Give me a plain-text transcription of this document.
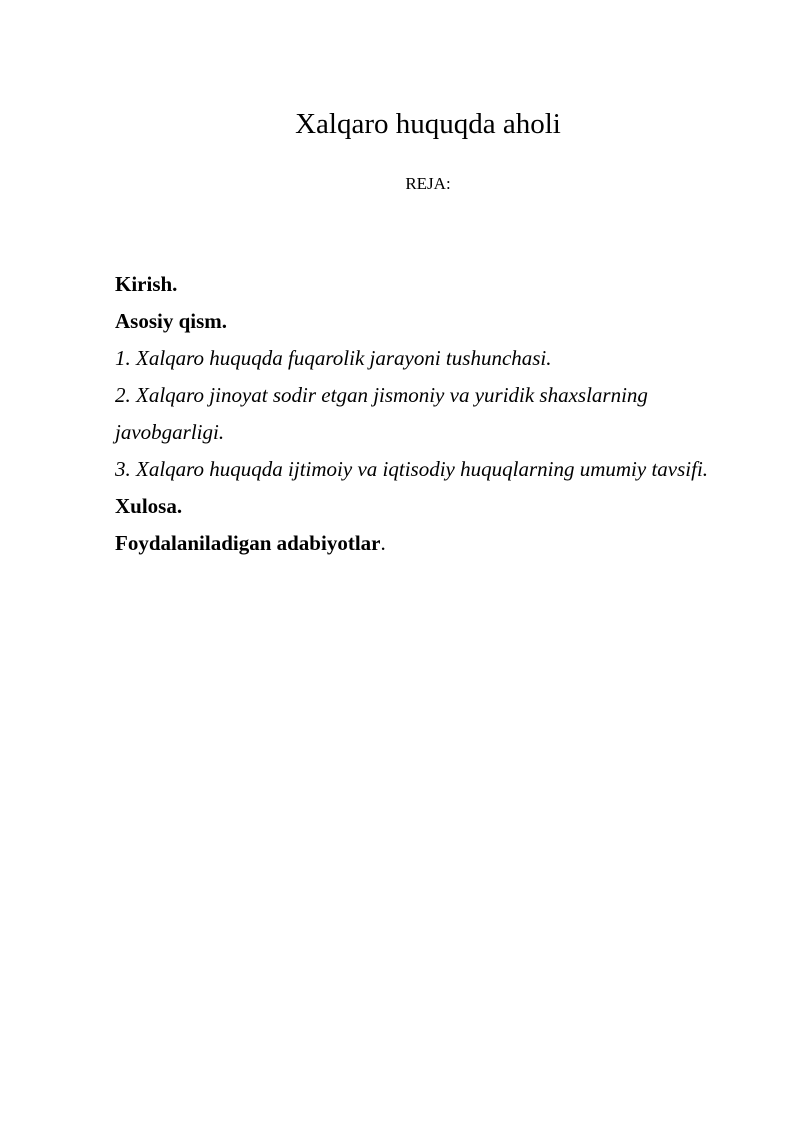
Xalqaro huquqda aholi

REJA:

Kirish.
Asosiy qism.
1. Xalqaro huquqda fuqarolik jarayoni tushunchasi.
2. Xalqaro jinoyat sodir etgan jismoniy va yuridik shaxslarning javobgarligi.
3. Xalqaro huquqda ijtimoiy va iqtisodiy huquqlarning umumiy tavsifi.
Xulosa.
Foydalaniladigan adabiyotlar.
